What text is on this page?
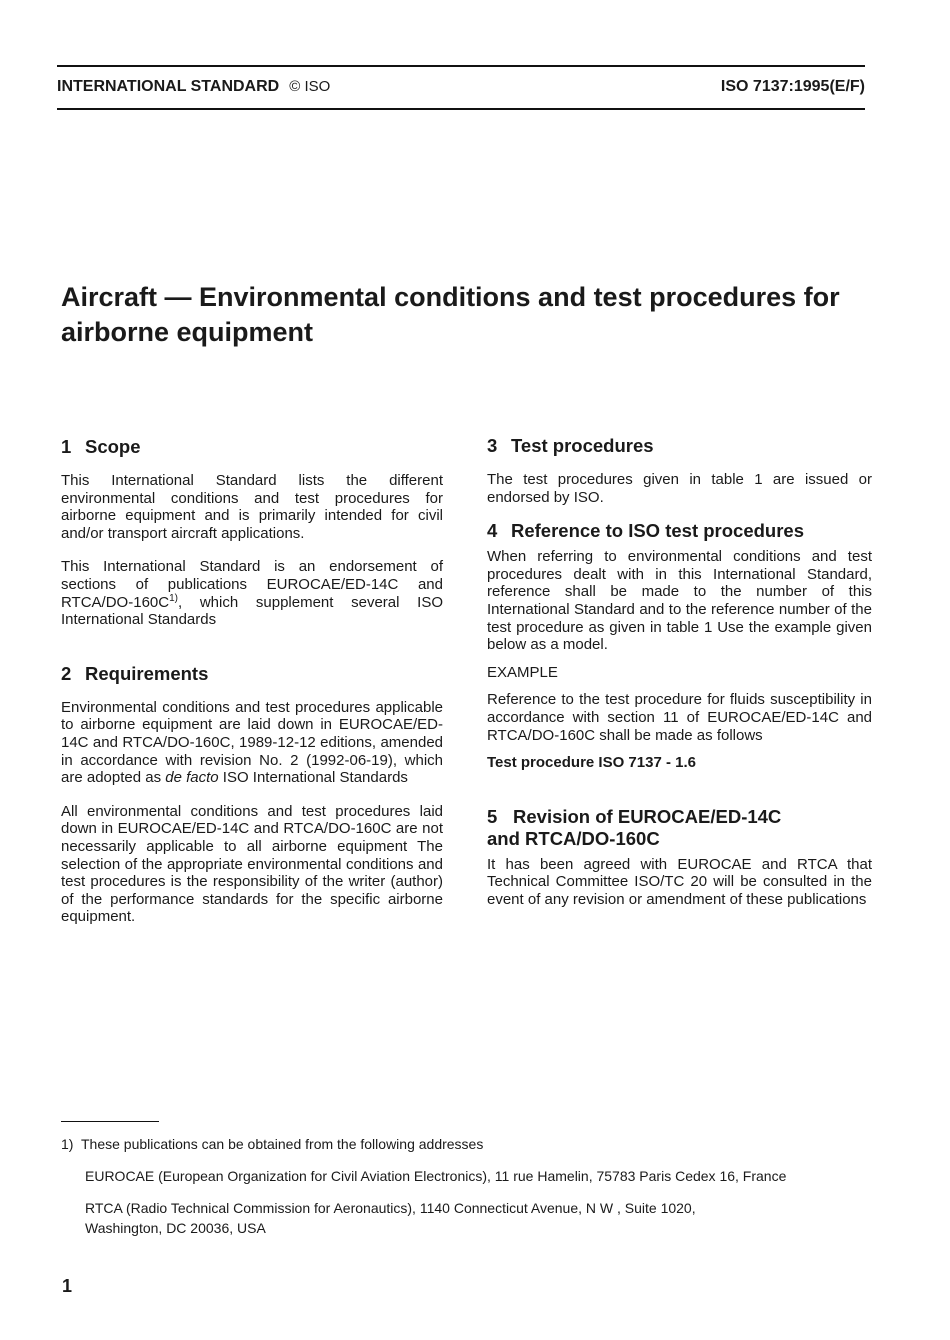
INTERNATIONAL STANDARD © ISO	ISO 7137:1995(E/F)
Aircraft — Environmental conditions and test procedures for airborne equipment
1 Scope

This International Standard lists the different environmental conditions and test procedures for airborne equipment and is primarily intended for civil and/or transport aircraft applications.

This International Standard is an endorsement of sections of publications EUROCAE/ED-14C and RTCA/$DO-160C^{1)}$, which supplement several ISO International Standards

2 Requirements

Environmental conditions and test procedures applicable to airborne equipment are laid down in EUROCAE/ED-14C and RTCA/DO-160C, 1989-12-12 editions, amended in accordance with revision No. 2 (1992-06-19), which are adopted as de facto ISO International Standards

All environmental conditions and test procedures laid down in EUROCAE/ED-14C and RTCA/DO-160C are not necessarily applicable to all airborne equipment The selection of the appropriate environmental conditions and test procedures is the responsibility of the writer (author) of the performance standards for the specific airborne equipment.

3 Test procedures

The test procedures given in table 1 are issued or endorsed by ISO.

4 Reference to ISO test procedures

When referring to environmental conditions and test procedures dealt with in this International Standard, reference shall be made to the number of this International Standard and to the reference number of the test procedure as given in table 1 Use the example given below as a model.

EXAMPLE

Reference to the test procedure for fluids susceptibility in accordance with section 11 of EUROCAE/ED-14C and RTCA/DO-160C shall be made as follows

Test procedure ISO 7137 - 1.6

5 Revision of EUROCAE/ED-14C and RTCA/DO-160C

It has been agreed with EUROCAE and RTCA that Technical Committee ISO/TC 20 will be consulted in the event of any revision or amendment of these publications

1) These publications can be obtained from the following addresses

EUROCAE (European Organization for Civil Aviation Electronics), 11 rue Hamelin, 75783 Paris Cedex 16, France

RTCA (Radio Technical Commission for Aeronautics), 1140 Connecticut Avenue, N W , Suite 1020,

Washington, DC 20036, USA

1
